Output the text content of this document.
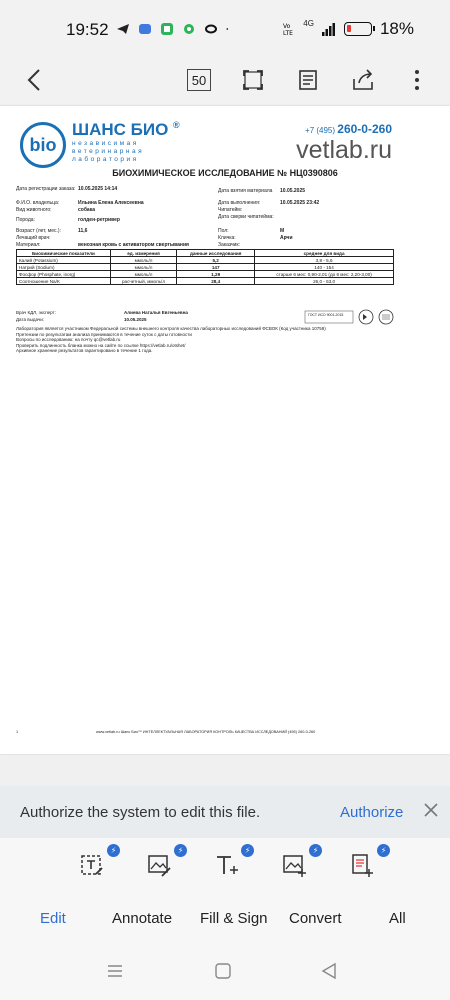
19:52	Vo
LTE
4G	18%
50
bio
ШАНС БИО ®
независимая ветеринарная лаборатория
+7 (495) 260-0-260
vetlab.ru
БИОХИМИЧЕСКОЕ ИССЛЕДОВАНИЕ № НЦ0390806
Дата регистрации заказа: 10.05.2025 14:14
Ф.И.О. владельца:	Ильина Елена Алексеевна
Вид животного:	собака
Порода:	голден-ретривер
Возраст (лет, мес.):	11,6
Лечащий врач:
Материал:	венозная кровь с активатором свертывания
Дата взятия материала	10.05.2025
Дата выполнения:	10.05.2025 23:42
Чипатейм:
Дата сверки чипатейма:
Пол:	М
Кличка:	Арчи
Заказчик:
Биохимические показатели	ед. измерения	данные исследования	среднее для вида
Калий (Potassium)	ммоль/л	5,2	3,8 - 5,6
Натрий (Sodium)	ммоль/л	147	140 - 154
Фосфор (Phosphate, inorg)	ммоль/л	1,29	старше 6 мес: 0,90-2,01 (до 6 мес: 2,20-3,00)
Соотношение Na/K	расчетный, ммоль/л	28,4	26,0 - 53,0
Врач КДЛ, эксперт:	Алиева Наталья Евгеньевна
Дата выдачи:	10.05.2025
ГОСТ ИСО 9001-2015
Лаборатория является участником Федеральной системы внешнего контроля качества лабораторных исследований ФСВОК (Код участника 10759)
Претензии по результатам анализа принимаются в течение суток с даты готовности
Вопросы по исследованию: на почту qc@vetlab.ru
Проверить подлинность бланка можно на сайте по ссылке https://vetlab.ru/otshet/
Архивное хранение результатов гарантировано в течение 1 года.
1	www.vetlab.ru Шанс Био™ ИНТЕЛЛЕКТУАЛЬНАЯ ЛАБОРАТОРИЯ КОНТРОЛЬ КАЧЕСТВА ИССЛЕДОВАНИЙ (495) 260-0-260
Authorize the system to edit this file.	Authorize
⚡	⚡	⚡	⚡	⚡
Edit	Annotate Fill & Sign Convert	All
